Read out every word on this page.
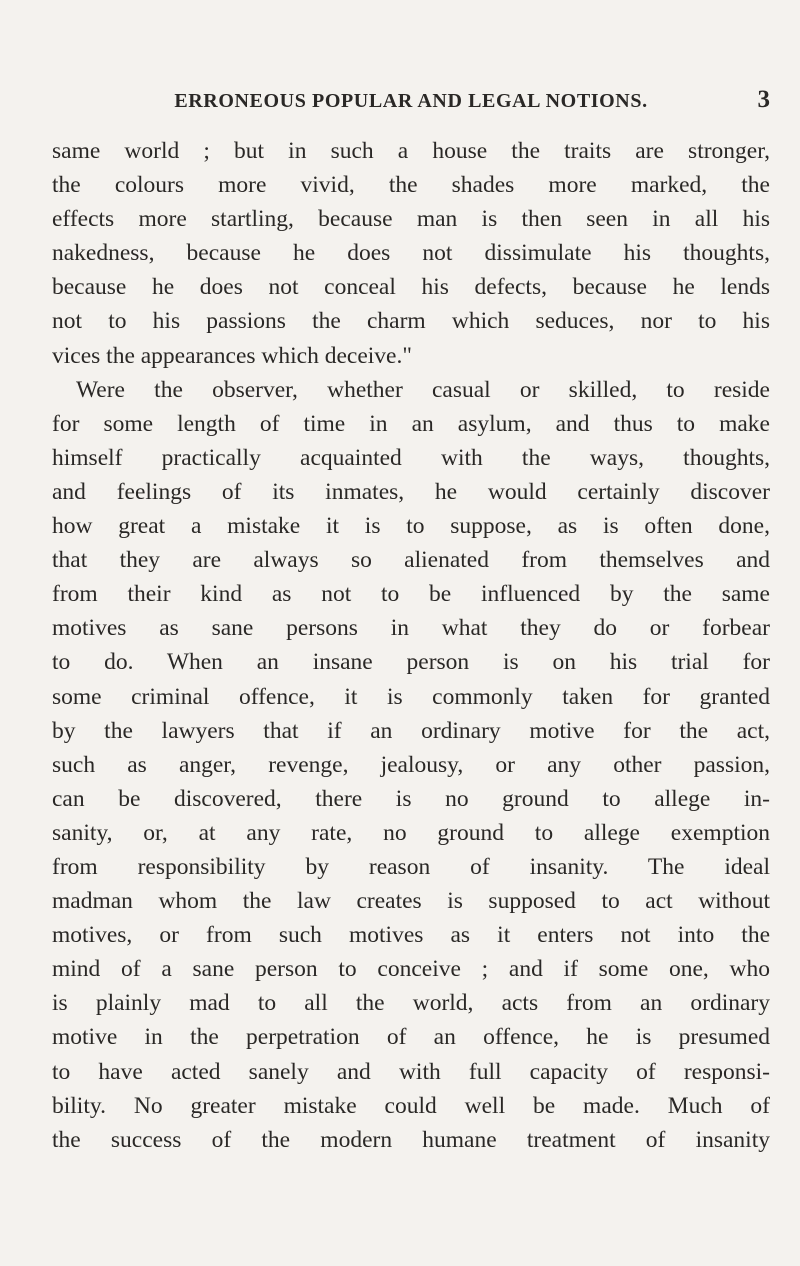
ERRONEOUS POPULAR AND LEGAL NOTIONS.	3
same world ; but in such a house the traits are stronger,
the colours more vivid, the shades more marked, the
effects more startling, because man is then seen in all his
nakedness, because he does not dissimulate his thoughts,
because he does not conceal his defects, because he lends
not to his passions the charm which seduces, nor to his
vices the appearances which deceive."
Were the observer, whether casual or skilled, to reside
for some length of time in an asylum, and thus to make
himself practically acquainted with the ways, thoughts,
and feelings of its inmates, he would certainly discover
how great a mistake it is to suppose, as is often done,
that they are always so alienated from themselves and
from their kind as not to be influenced by the same
motives as sane persons in what they do or forbear
to do. When an insane person is on his trial for
some criminal offence, it is commonly taken for granted
by the lawyers that if an ordinary motive for the act,
such as anger, revenge, jealousy, or any other passion,
can be discovered, there is no ground to allege in-
sanity, or, at any rate, no ground to allege exemption
from responsibility by reason of insanity. The ideal
madman whom the law creates is supposed to act without
motives, or from such motives as it enters not into the
mind of a sane person to conceive ; and if some one, who
is plainly mad to all the world, acts from an ordinary
motive in the perpetration of an offence, he is presumed
to have acted sanely and with full capacity of responsi-
bility. No greater mistake could well be made. Much of
the success of the modern humane treatment of insanity
